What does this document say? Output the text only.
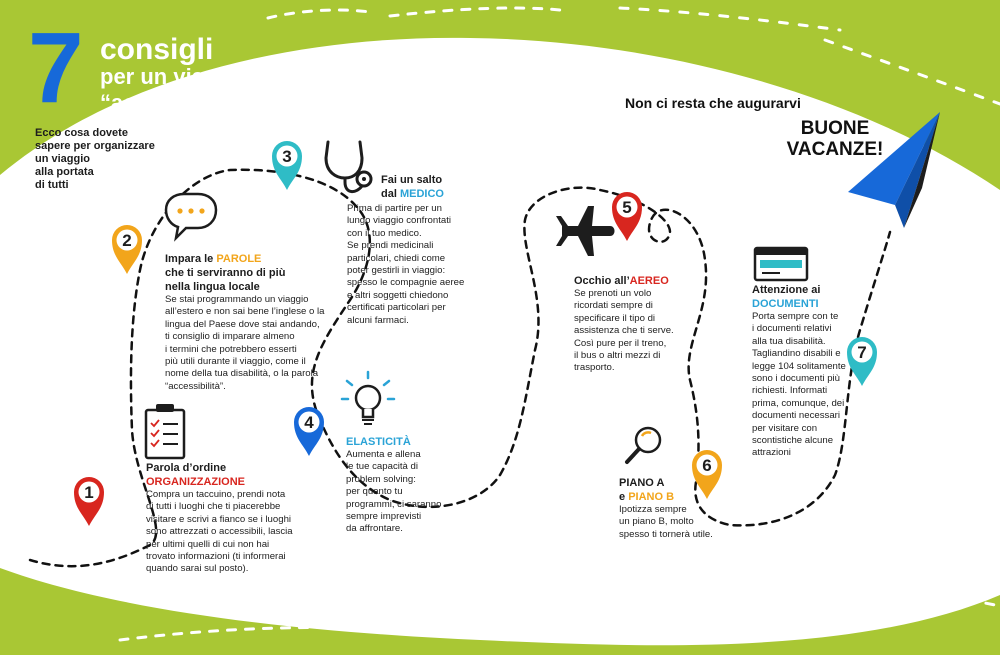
1
2
3
4
5
6
7
7 consigli
per un viaggio
“accessibile”
Ecco cosa dovete
sapere per organizzare
un viaggio
alla portata
di tutti
Impara le PAROLE
che ti serviranno di più
nella lingua locale
Se stai programmando un viaggio
all’estero e non sai bene l’inglese o la
lingua del Paese dove stai andando,
ti consiglio di imparare almeno
i termini che potrebbero esserti
più utili durante il viaggio, come il
nome della tua disabilità, o la parola
“accessibilità”.
Parola d’ordine
ORGANIZZAZIONE
Compra un taccuino, prendi nota
di tutti i luoghi che ti piacerebbe
visitare e scrivi a fianco se i luoghi
sono attrezzati o accessibili, lascia
per ultimi quelli di cui non hai
trovato informazioni (ti informerai
quando sarai sul posto).
Fai un salto
dal MEDICO
Prima di partire per un
lungo viaggio confrontati
con il tuo medico.
Se prendi medicinali
particolari, chiedi come
poter gestirli in viaggio:
spesso le compagnie aeree
e altri soggetti chiedono
certificati particolari per
alcuni farmaci.
ELASTICITÀ
Aumenta e allena
le tue capacità di
problem solving:
per quanto tu
programmi, ci saranno
sempre imprevisti
da affrontare.
Occhio all’AEREO
Se prenoti un volo
ricordati sempre di
specificare il tipo di
assistenza che ti serve.
Così pure per il treno,
il bus o altri mezzi di
trasporto.
PIANO A
e PIANO B
Ipotizza sempre
un piano B, molto
spesso ti tornerà utile.
Attenzione ai
DOCUMENTI
Porta sempre con te
i documenti relativi
alla tua disabilità.
Tagliandino disabili e
legge 104 solitamente
sono i documenti più
richiesti. Informati
prima, comunque, dei
documenti necessari
per visitare con
scontistiche alcune
attrazioni
Non ci resta che augurarvi
BUONE
VACANZE!
